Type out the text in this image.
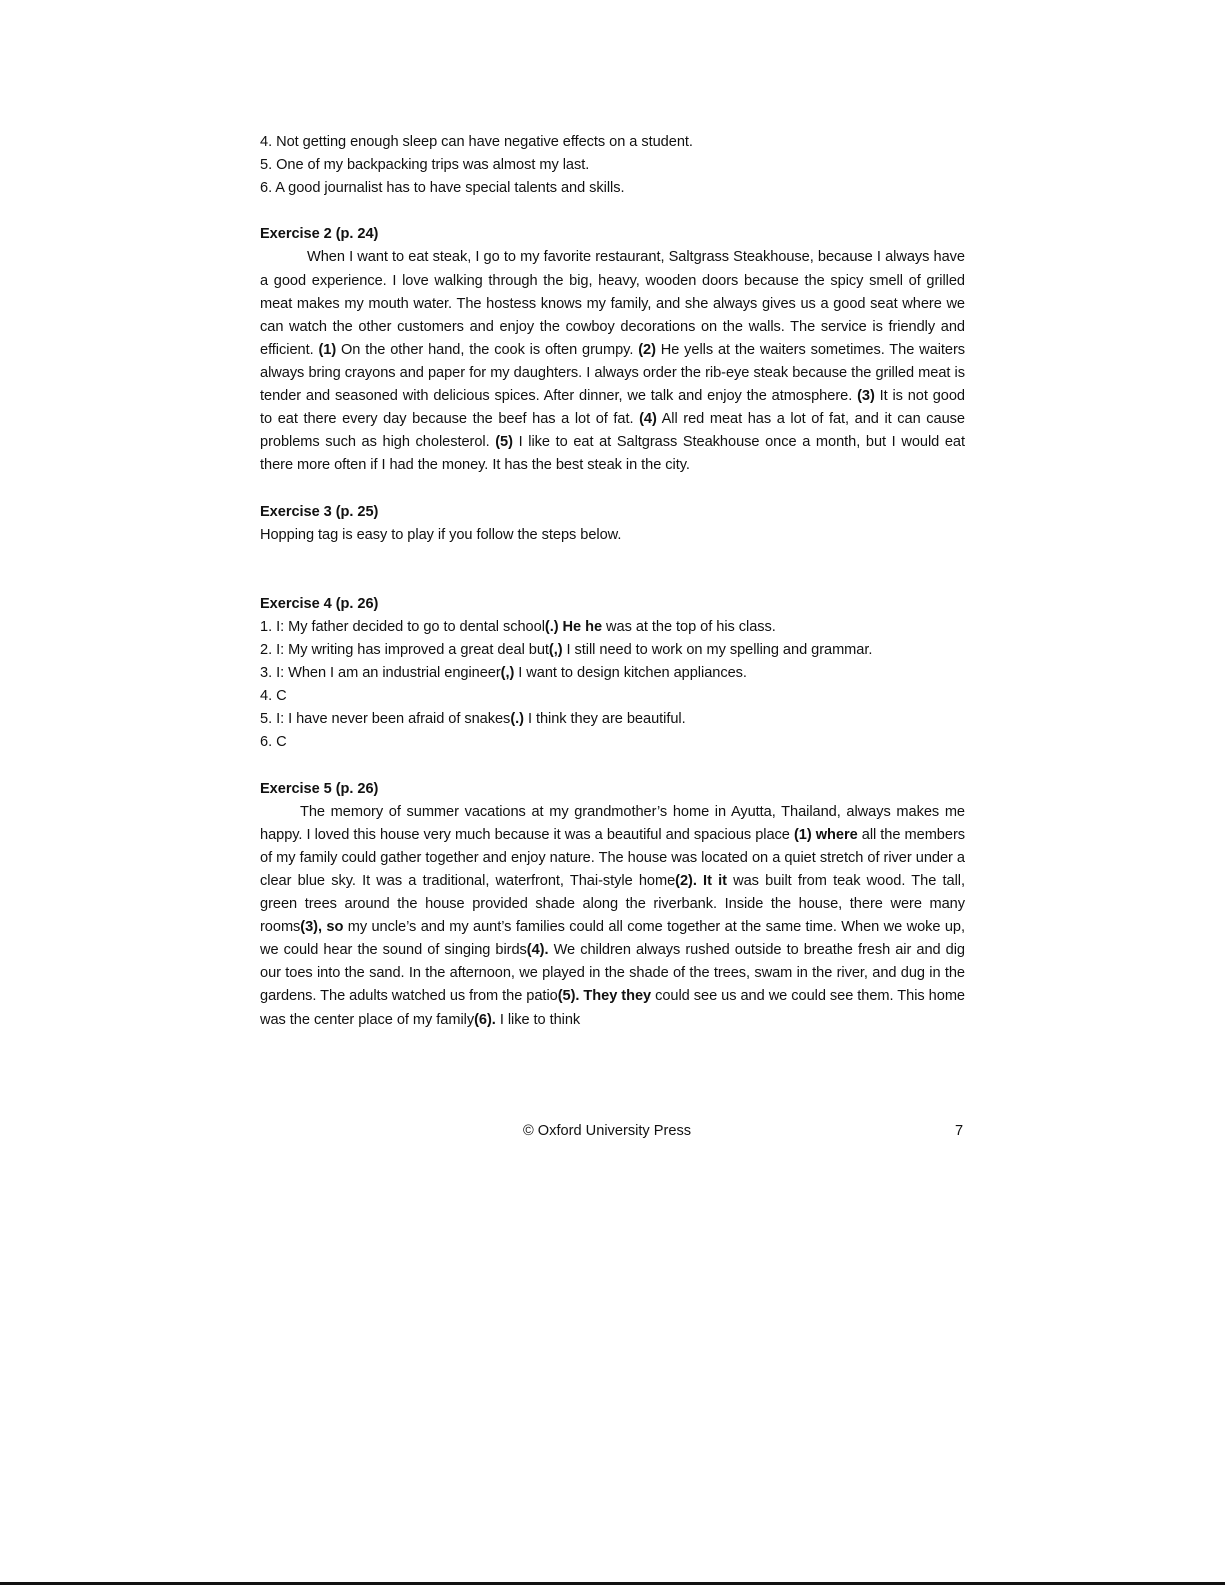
4. Not getting enough sleep can have negative effects on a student.
5. One of my backpacking trips was almost my last.
6. A good journalist has to have special talents and skills.
Exercise 2 (p. 24)

When I want to eat steak, I go to my favorite restaurant, Saltgrass Steakhouse, because I always have a good experience. I love walking through the big, heavy, wooden doors because the spicy smell of grilled meat makes my mouth water. The hostess knows my family, and she always gives us a good seat where we can watch the other customers and enjoy the cowboy decorations on the walls. The service is friendly and efficient. (1) On the other hand, the cook is often grumpy. (2) He yells at the waiters sometimes. The waiters always bring crayons and paper for my daughters. I always order the rib-eye steak because the grilled meat is tender and seasoned with delicious spices. After dinner, we talk and enjoy the atmosphere. (3) It is not good to eat there every day because the beef has a lot of fat. (4) All red meat has a lot of fat, and it can cause problems such as high cholesterol. (5) I like to eat at Saltgrass Steakhouse once a month, but I would eat there more often if I had the money. It has the best steak in the city.

Exercise 3 (p. 25)
Hopping tag is easy to play if you follow the steps below.
Exercise 4 (p. 26)
1. I: My father decided to go to dental school(.) He he was at the top of his class.
2. I: My writing has improved a great deal but(,) I still need to work on my spelling and grammar.
3. I: When I am an industrial engineer(,) I want to design kitchen appliances.
4. C
5. I: I have never been afraid of snakes(.) I think they are beautiful.
6. C
Exercise 5 (p. 26)

The memory of summer vacations at my grandmother’s home in Ayutta, Thailand, always makes me happy. I loved this house very much because it was a beautiful and spacious place (1) where all the members of my family could gather together and enjoy nature. The house was located on a quiet stretch of river under a clear blue sky. It was a traditional, waterfront, Thai-style home(2). It it was built from teak wood. The tall, green trees around the house provided shade along the riverbank. Inside the house, there were many rooms(3), so my uncle’s and my aunt’s families could all come together at the same time. When we woke up, we could hear the sound of singing birds(4). We children always rushed outside to breathe fresh air and dig our toes into the sand. In the afternoon, we played in the shade of the trees, swam in the river, and dug in the gardens. The adults watched us from the patio(5). They they could see us and we could see them. This home was the center place of my family(6). I like to think

© Oxford University Press	7
